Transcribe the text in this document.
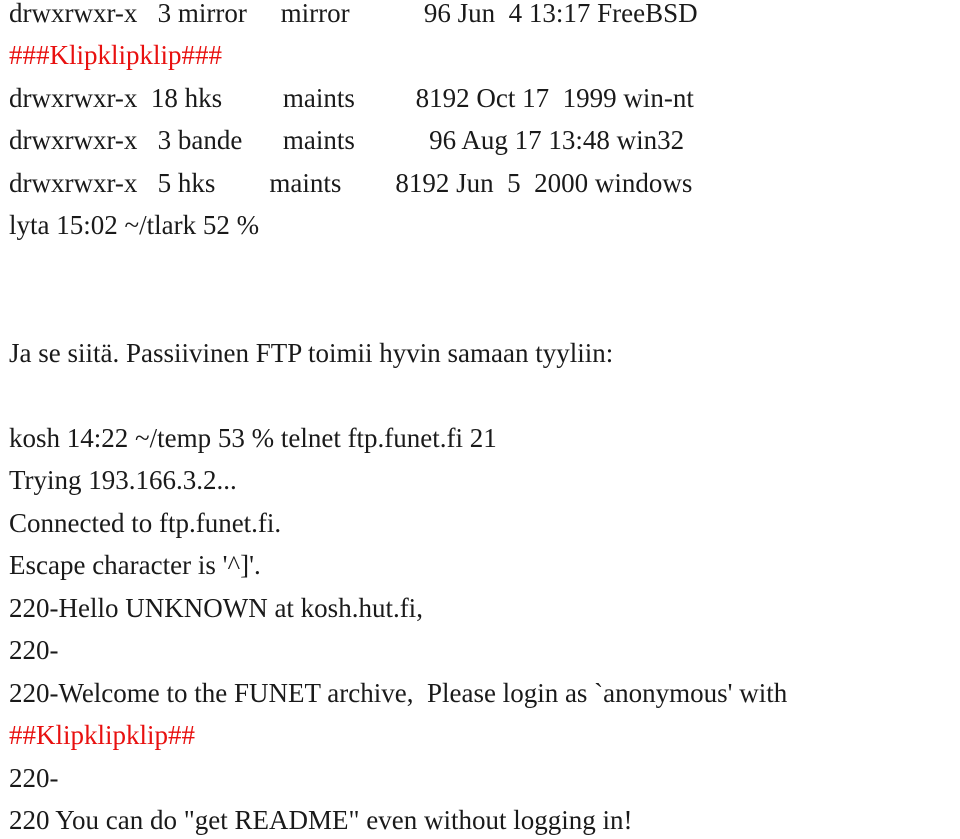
drwxrwxr-x   3 mirror     mirror           96 Jun  4 13:17 FreeBSD

###Klipklipklip###

drwxrwxr-x  18 hks         maints         8192 Oct 17  1999 win-nt

drwxrwxr-x   3 bande      maints           96 Aug 17 13:48 win32

drwxrwxr-x   5 hks        maints        8192 Jun  5  2000 windows

lyta 15:02 ~/tlark 52 %

Ja se siitä. Passiivinen FTP toimii hyvin samaan tyyliin:

kosh 14:22 ~/temp 53 % telnet ftp.funet.fi 21

Trying 193.166.3.2...

Connected to ftp.funet.fi.

Escape character is '^]'.

220-Hello UNKNOWN at kosh.hut.fi,

220-

220-Welcome to the FUNET archive,  Please login as `anonymous' with

##Klipklipklip##

220-

220 You can do "get README" even without logging in!
